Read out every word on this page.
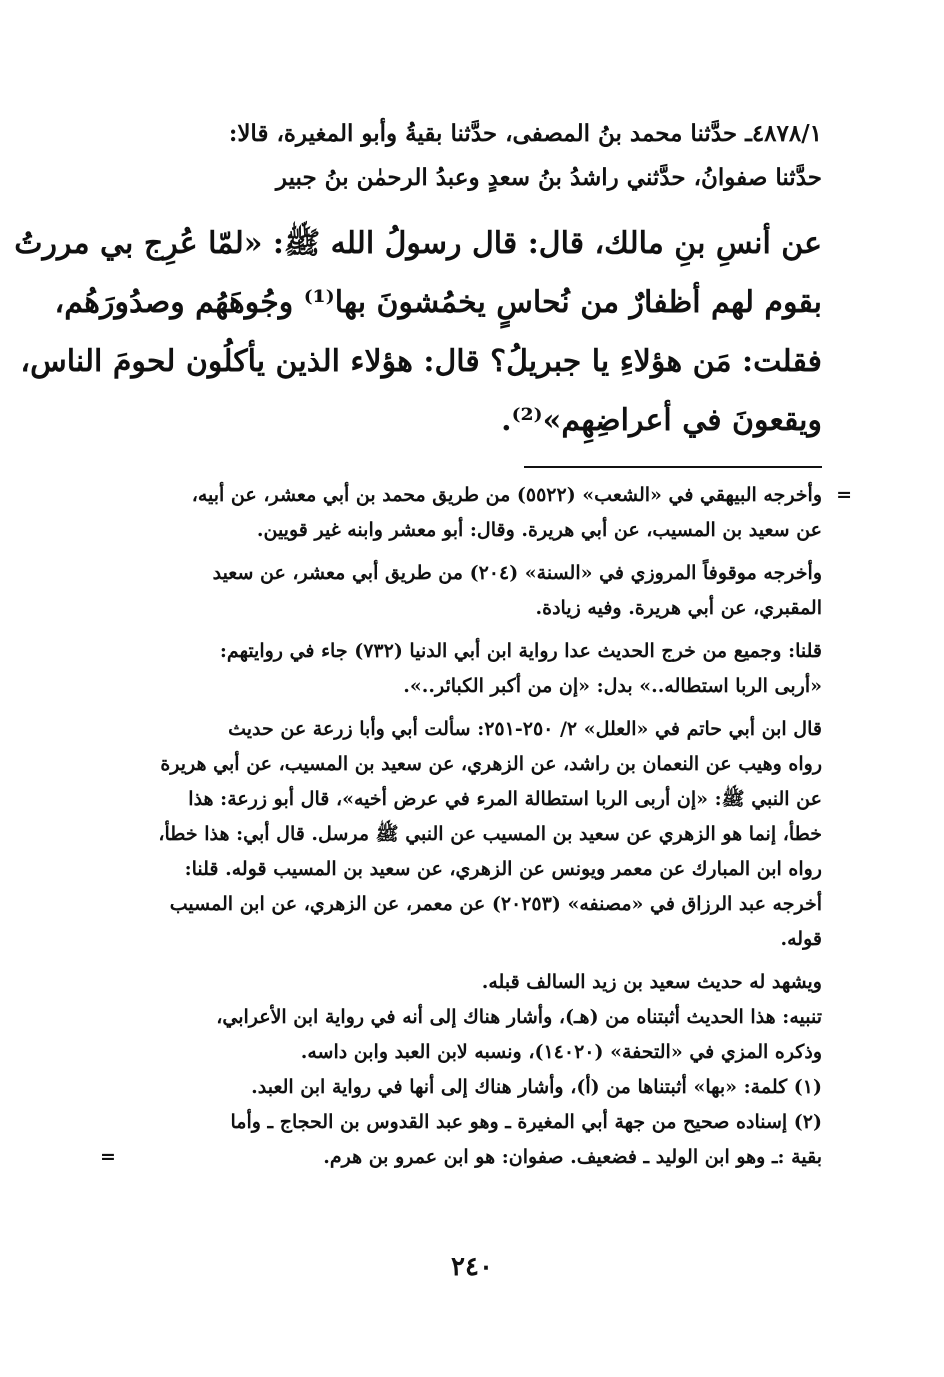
٤٨٧٨/١ـ حدَّثنا محمد بنُ المصفى، حدَّثنا بقيةُ وأبو المغيرة، قالا:
حدَّثنا صفوانُ، حدَّثني راشدُ بنُ سعدٍ وعبدُ الرحمٰن بنُ جبير
عن أنسِ بنِ مالك، قال: قال رسولُ الله ﷺ: «لمّا عُرِج بي مررتُ
بقوم لهم أظفارٌ من نُحاسٍ يخمُشونَ بها⁽¹⁾ وجُوهَهُم وصدُورَهُم،
فقلت: مَن هؤلاءِ يا جبريلُ؟ قال: هؤلاء الذين يأكلُون لحومَ الناس،
ويقعونَ في أعراضِهِم»⁽²⁾.
=

وأخرجه البيهقي في «الشعب» (٥٥٢٢) من طريق محمد بن أبي معشر، عن أبيه،
عن سعيد بن المسيب، عن أبي هريرة. وقال: أبو معشر وابنه غير قويين.

وأخرجه موقوفاً المروزي في «السنة» (٢٠٤) من طريق أبي معشر، عن سعيد
المقبري، عن أبي هريرة. وفيه زيادة.

قلنا: وجميع من خرج الحديث عدا رواية ابن أبي الدنيا (٧٣٢) جاء في روايتهم:
«أربى الربا استطاله..» بدل: «إن من أكبر الكبائر..».

قال ابن أبي حاتم في «العلل» ٢/ ٢٥٠-٢٥١: سألت أبي وأبا زرعة عن حديث
رواه وهيب عن النعمان بن راشد، عن الزهري، عن سعيد بن المسيب، عن أبي هريرة
عن النبي ﷺ: «إن أربى الربا استطالة المرء في عرض أخيه»، قال أبو زرعة: هذا
خطأ، إنما هو الزهري عن سعيد بن المسيب عن النبي ﷺ مرسل. قال أبي: هذا خطأ،
رواه ابن المبارك عن معمر ويونس عن الزهري، عن سعيد بن المسيب قوله. قلنا:
أخرجه عبد الرزاق في «مصنفه» (٢٠٢٥٣) عن معمر، عن الزهري، عن ابن المسيب
قوله.

ويشهد له حديث سعيد بن زيد السالف قبله.

تنبيه: هذا الحديث أثبتناه من (هـ)، وأشار هناك إلى أنه في رواية ابن الأعرابي،
وذكره المزي في «التحفة» (١٤٠٢٠)، ونسبه لابن العبد وابن داسه.

(١) كلمة: «بها» أثبتناها من (أ)، وأشار هناك إلى أنها في رواية ابن العبد.

(٢) إسناده صحيح من جهة أبي المغيرة ـ وهو عبد القدوس بن الحجاج ـ وأما
بقية :ـ وهو ابن الوليد ـ فضعيف. صفوان: هو ابن عمرو بن هرم.

=
٢٤٠
